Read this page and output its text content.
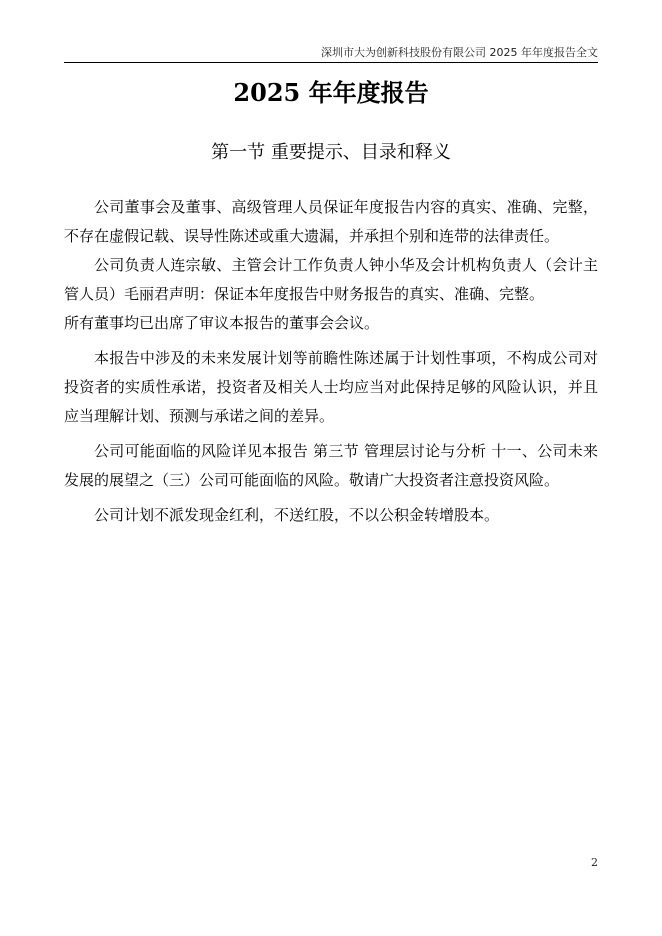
深圳市大为创新科技股份有限公司 2025 年年度报告全文
2025 年年度报告
第一节 重要提示、目录和释义

公司董事会及董事、高级管理人员保证年度报告内容的真实、准确、完整，不存在虚假记载、误导性陈述或重大遗漏，并承担个别和连带的法律责任。

公司负责人连宗敏、主管会计工作负责人钟小华及会计机构负责人（会计主管人员）毛丽君声明：保证本年度报告中财务报告的真实、准确、完整。

所有董事均已出席了审议本报告的董事会会议。

本报告中涉及的未来发展计划等前瞻性陈述属于计划性事项，不构成公司对投资者的实质性承诺，投资者及相关人士均应当对此保持足够的风险认识，并且应当理解计划、预测与承诺之间的差异。

公司可能面临的风险详见本报告 第三节 管理层讨论与分析 十一、公司未来发展的展望之（三）公司可能面临的风险。敬请广大投资者注意投资风险。

公司计划不派发现金红利，不送红股，不以公积金转增股本。

2
